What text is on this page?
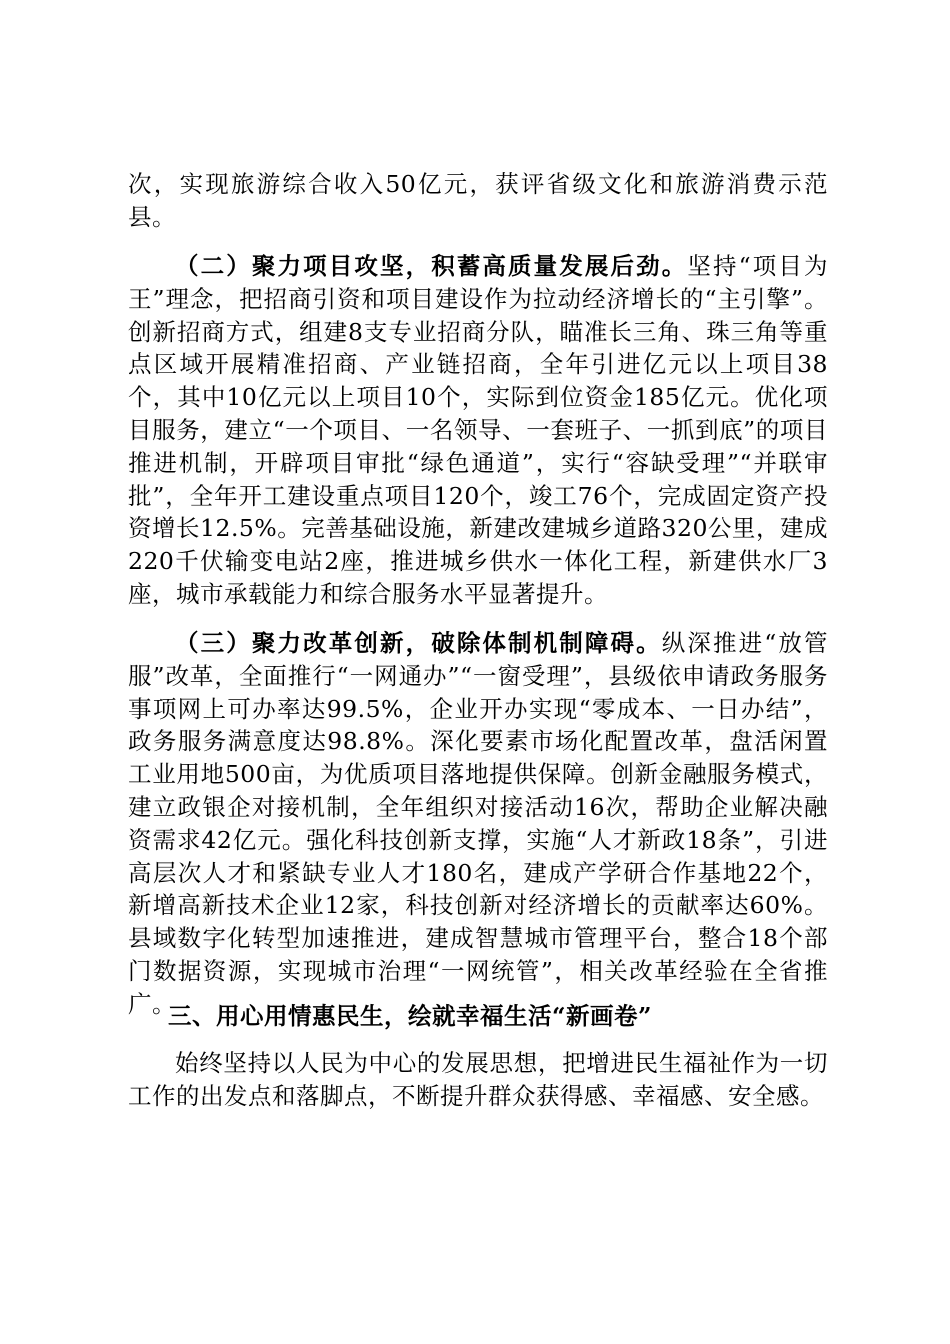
次，实现旅游综合收入50亿元，获评省级文化和旅游消费示范县。

（二）聚力项目攻坚，积蓄高质量发展后劲。坚持“项目为王”理念，把招商引资和项目建设作为拉动经济增长的“主引擎”。创新招商方式，组建8支专业招商分队，瞄准长三角、珠三角等重点区域开展精准招商、产业链招商，全年引进亿元以上项目38个，其中10亿元以上项目10个，实际到位资金185亿元。优化项目服务，建立“一个项目、一名领导、一套班子、一抓到底”的项目推进机制，开辟项目审批“绿色通道”，实行“容缺受理”“并联审批”，全年开工建设重点项目120个，竣工76个，完成固定资产投资增长12.5%。完善基础设施，新建改建城乡道路320公里，建成220千伏输变电站2座，推进城乡供水一体化工程，新建供水厂3座，城市承载能力和综合服务水平显著提升。

（三）聚力改革创新，破除体制机制障碍。纵深推进“放管服”改革，全面推行“一网通办”“一窗受理”，县级依申请政务服务事项网上可办率达99.5%，企业开办实现“零成本、一日办结”，政务服务满意度达98.8%。深化要素市场化配置改革，盘活闲置工业用地500亩，为优质项目落地提供保障。创新金融服务模式，建立政银企对接机制，全年组织对接活动16次，帮助企业解决融资需求42亿元。强化科技创新支撑，实施“人才新政18条”，引进高层次人才和紧缺专业人才180名，建成产学研合作基地22个，新增高新技术企业12家，科技创新对经济增长的贡献率达60%。县域数字化转型加速推进，建成智慧城市管理平台，整合18个部门数据资源，实现城市治理“一网统管”，相关改革经验在全省推广。

三、用心用情惠民生，绘就幸福生活“新画卷”

始终坚持以人民为中心的发展思想，把增进民生福祉作为一切工作的出发点和落脚点，不断提升群众获得感、幸福感、安全感。
